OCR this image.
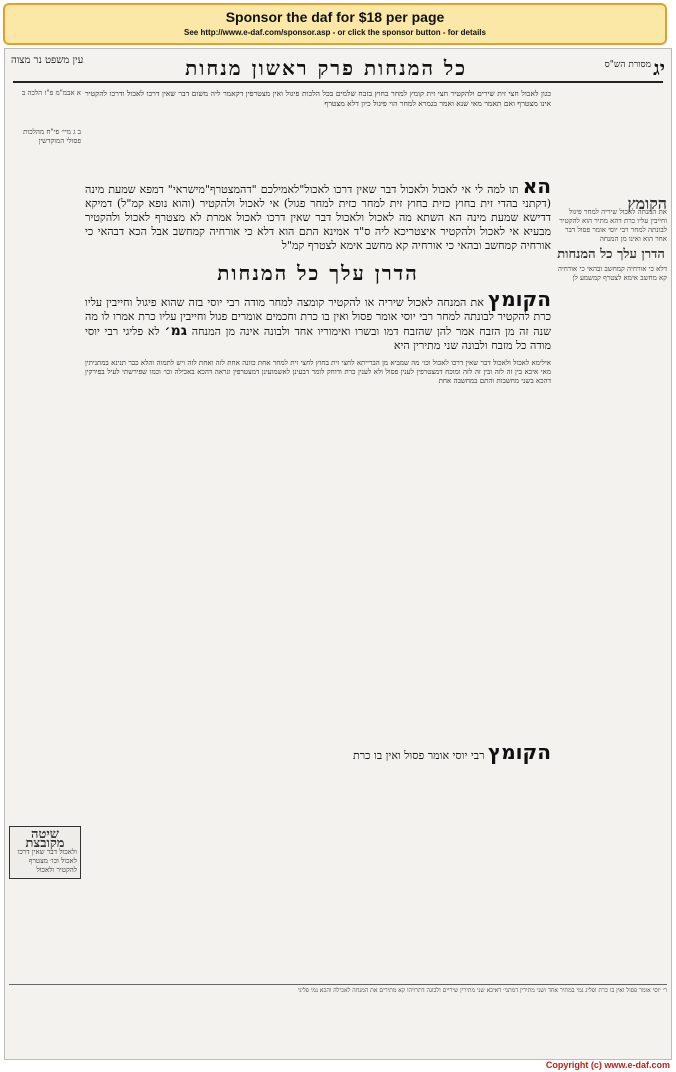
Sponsor the daf for $18 per page
See http://www.e-daf.com/sponsor.asp - or click the sponsor button - for details
יג
כל המנחות פרק ראשון מנחות
עין משפט נר מצוה	מסורת הש"ס
הקומץ
את המנחה לאכול שיריה למחר פיגול וחייבין עליו כרת דהא מתיר הוא להקטיר לבונתה למחר רבי יוסי אומר פסול דבר אחר הוא ואינו מן המנחה
הדרן עלך כל המנחות
דלא כי אורחיה קמחשב ובהאי כי אורחיה קא מחשב אימא לצטרף קמשמע לן
א אבמ"מ פ"ז הלכה ב
ב ג מיי׳ פי"ח מהלכות פסולי המוקדשין
שיטה מקובצת
ולאכול דבר שאין דרכו לאכול וכו׳ מצטרף להקטיר ולאכול
כגון לאכול חצי זית שירים ולהקטיר חצי זית קומץ למחר בחוץ בזבח שלמים בכל הלכות פיגול ואין מצטרפין דקאמר ליה משום דבר שאין דרכו לאכול ודרכו להקטיר אינו מצטרף ואם תאמר מאי שנא ואמר בגמרא למחר הוי פיגול כיון דלא מצטרף
הא תו למה לי אי לאכול ולאכול דבר שאין דרכו לאכול"לאמילכם "דהמצטרף"מישראי" דמפא שמעת מינה (דקתני בהדי זית בחוץ כזית בחוץ זית למחר כזית למחר פגול) אי לאכול ולהקטיר (והוא נופא קמ"ל) דמיקא דדישא שמעת מינה הא השתא מה לאכול ולאכול דבר שאין דרכו לאכול אמרת לא מצטרף לאכול ולהקטיר מבעיא אי לאכול ולהקטיר איצטריכא ליה ס"ד אמינא התם הוא דלא כי אורחיה קמחשב אבל הכא דבהאי כי אורחיה קמחשב ובהאי כי אורחיה קא מחשב אימא לצטרף קמ"ל
הדרן עלך כל המנחות
הקומץ את המנחה לאכול שיריה או להקטיר קומצה למחר מודה רבי יוסי בזה שהוא פיגול וחייבין עליו כרת להקטיר לבונתה למחר רבי יוסי אומר פסול ואין בו כרת וחכמים אומרים פגול וחייבין עליו כרת אמרו לו מה שנה זה מן הזבח אמר להן שהזבח דמו ובשרו ואימוריו אחד ולבונה אינה מן המנחה גמ׳ לא פליגי רבי יוסי מודה כל מזבח ולבונה שני מתירין היא
אילימא לאכול ולאכול דבר שאין דרכו לאכול וכו׳ מה שמביא מן הברייתא לחצי זית בחוץ לחצי זית למחר אחת כוונה אחת לזה ואחת לזה ויש לתמוה והלא כבר תנינא במתניתין מאי איכא בין זה לזה ובין זה לזה ומוכח דמצטרפין לענין פסול ולא לענין כרת ודוחק לומר דבעינן לאשמועינן דמצטרפין ונראה דהכא באכילה וכו׳ וכמו שפירשתי לעיל בפירקין דהכא בשני מחשבות והתם במחשבה אחת
הקומץ רבי יוסי אומר פסול ואין בו כרת
ר׳ יוסי אומר פסול ואין בו כרת ופליג נמי במתיר אחד ושני מתירין דמתני׳ דאיכא שני מתירין שיריים ולבונה דתרויהו קא מתירים את המנחה לאכילה והכא נמי פליגי
Copyright (c) www.e-daf.com
